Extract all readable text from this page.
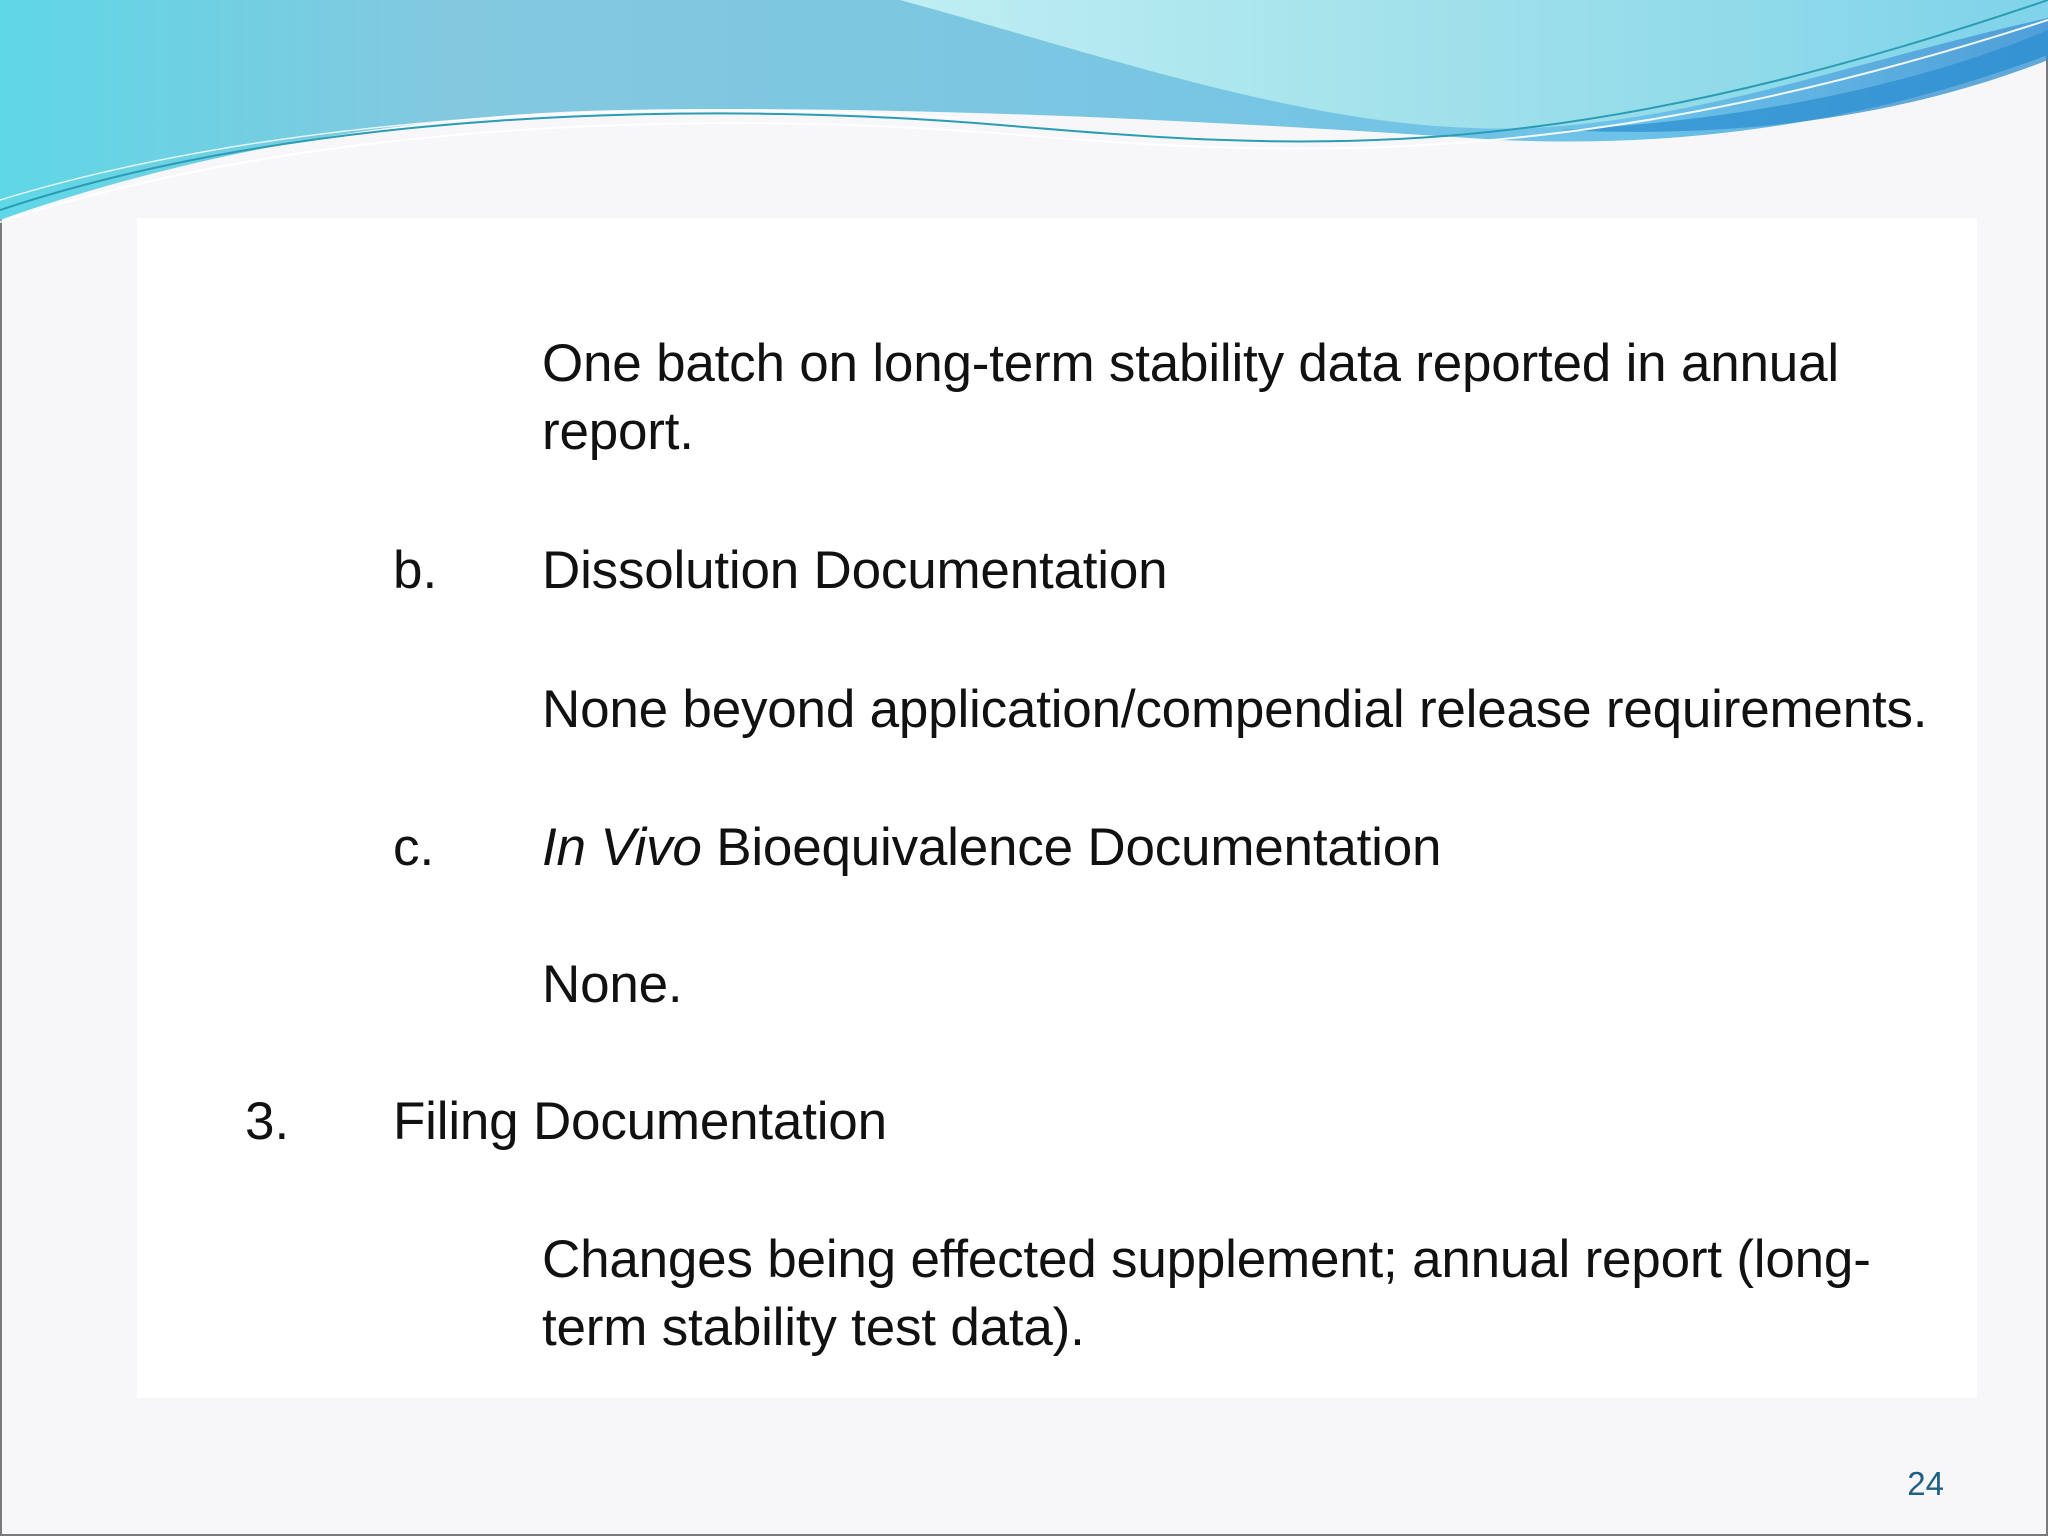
One batch on long-term stability data reported in annual
report.
b. Dissolution Documentation
None beyond application/compendial release requirements.
c. In Vivo Bioequivalence Documentation
None.
3. Filing Documentation
Changes being effected supplement; annual report (long-
term stability test data).
24
